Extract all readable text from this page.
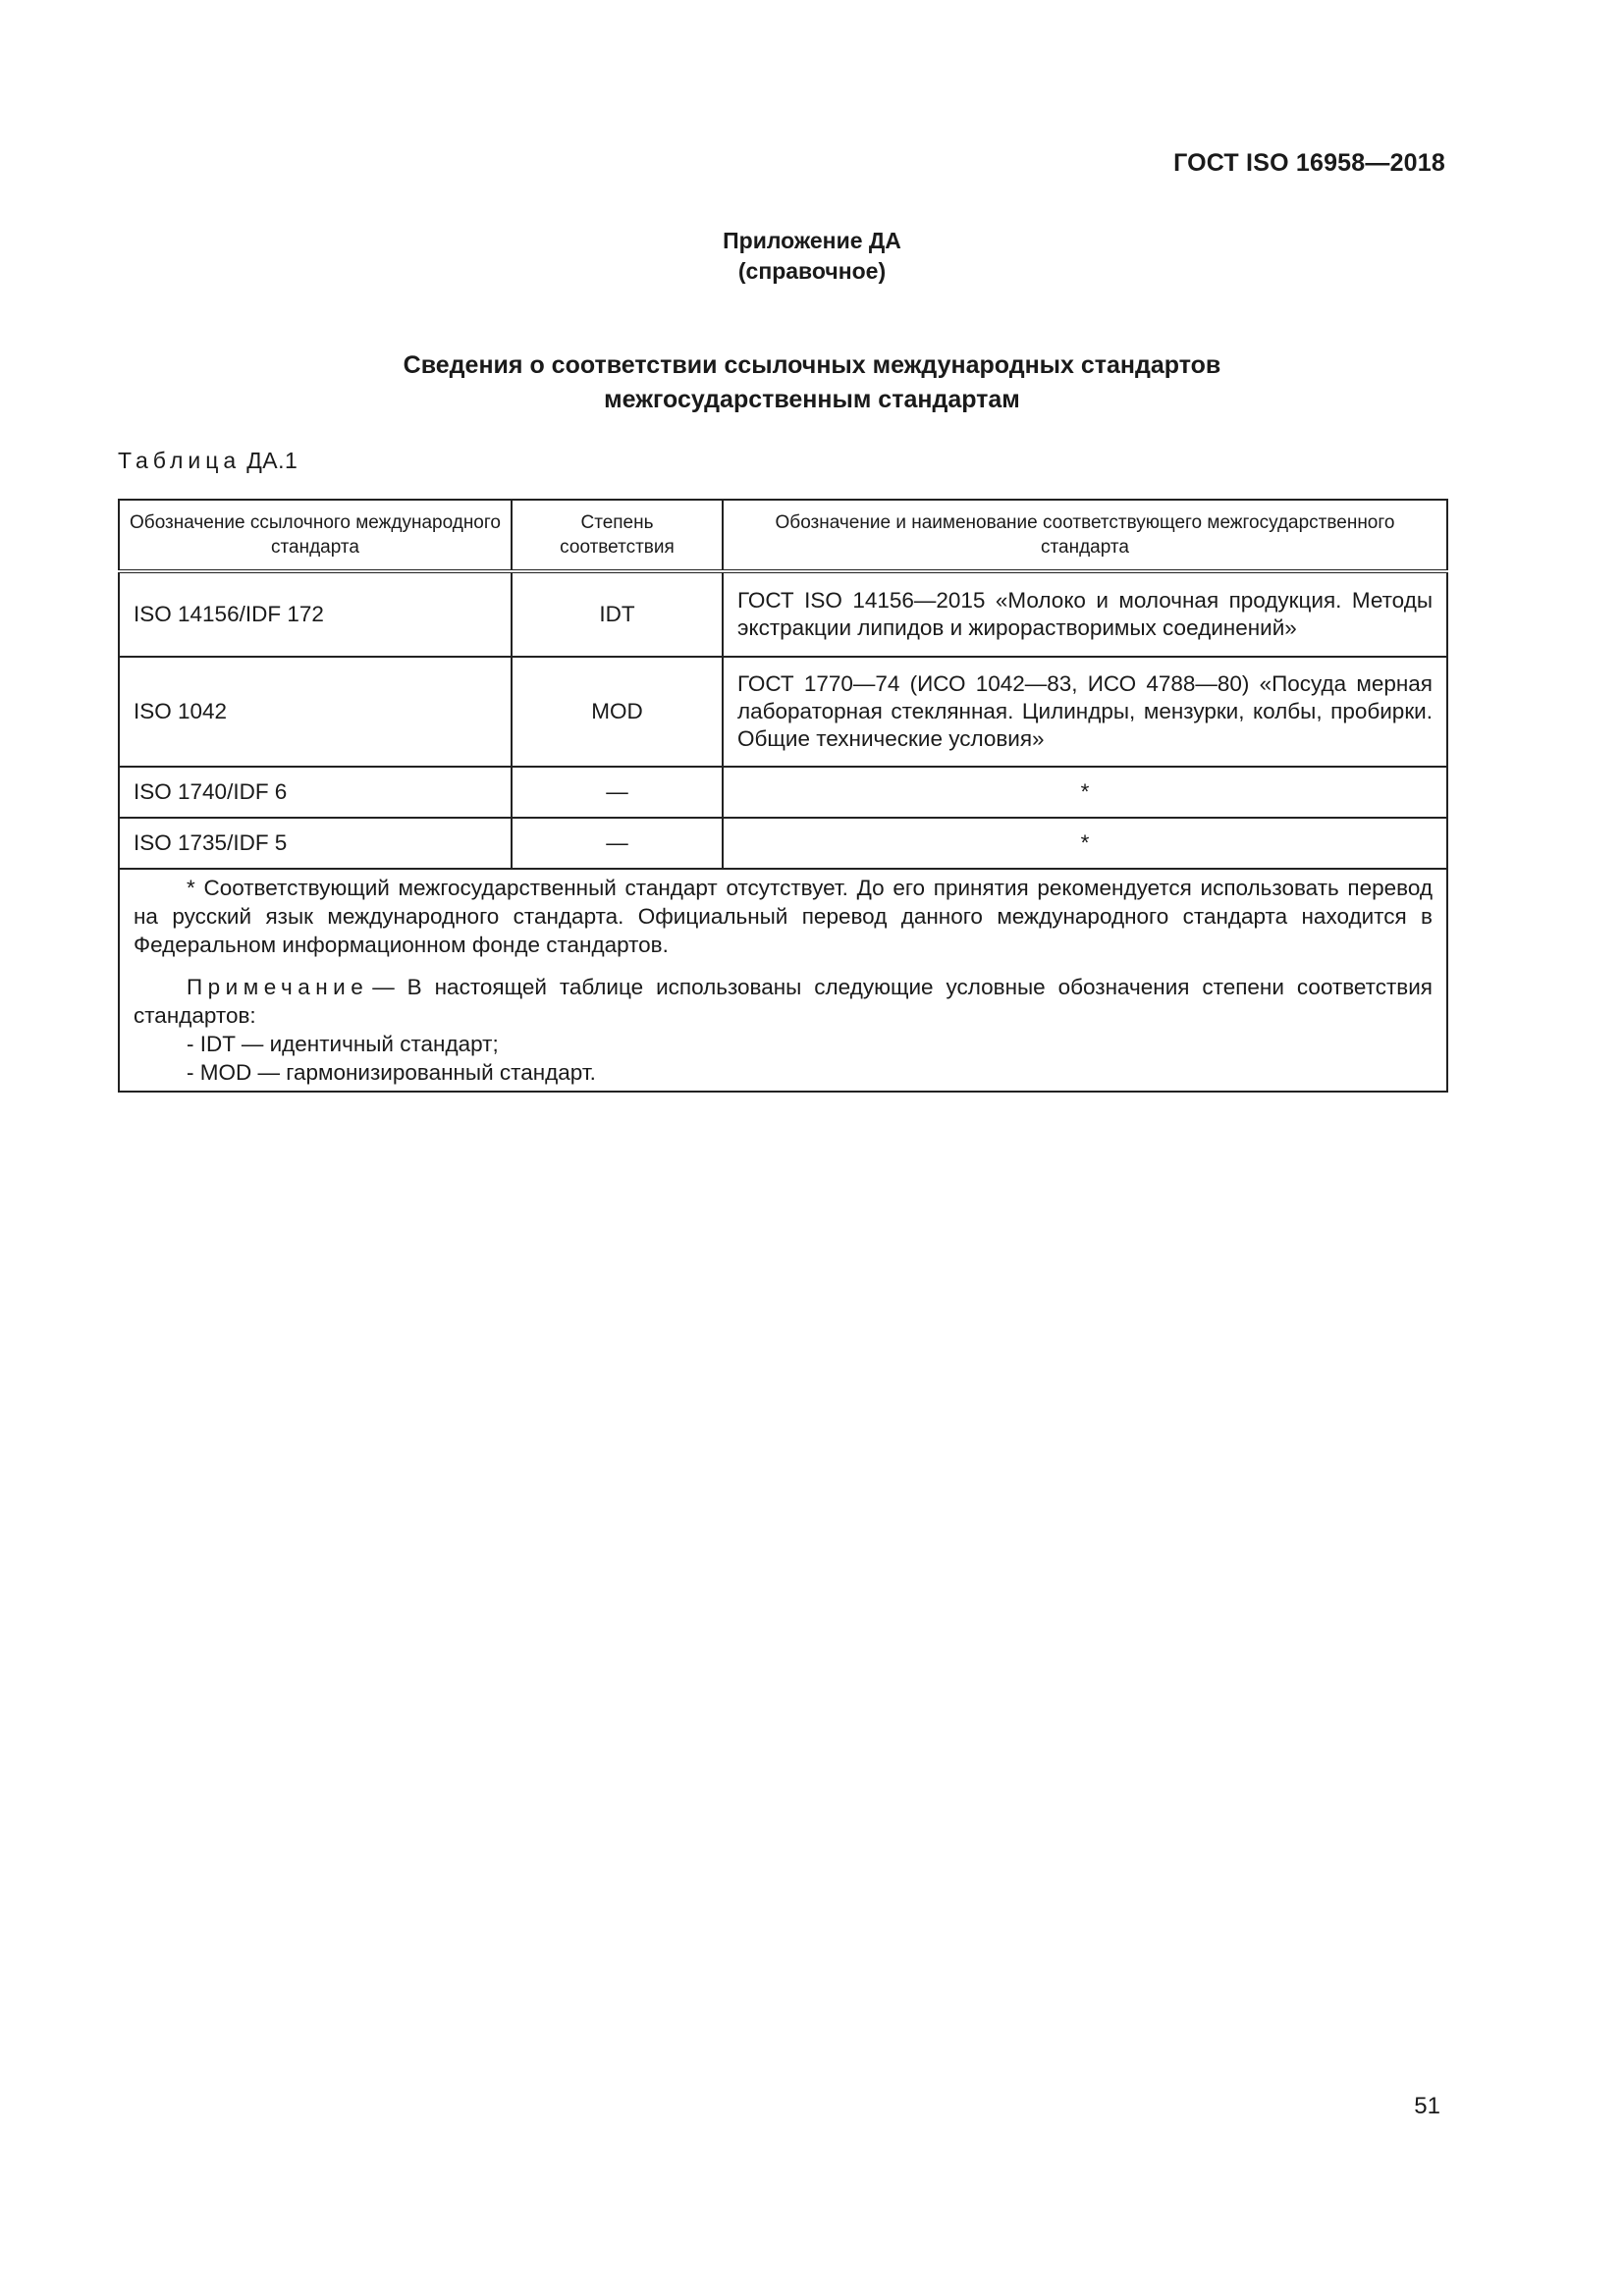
ГОСТ ISO 16958—2018
Приложение ДА
(справочное)
Сведения о соответствии ссылочных международных стандартов
межгосударственным стандартам
Таблица ДА.1
Обозначение ссылочного международного стандарта	Степень соответствия	Обозначение и наименование соответствующего межгосударственного стандарта
ISO 14156/IDF 172	IDT	ГОСТ ISO 14156—2015 «Молоко и молочная продукция. Методы экстракции липидов и жирорастворимых соединений»
ISO 1042	MOD	ГОСТ 1770—74 (ИСО 1042—83, ИСО 4788—80) «Посуда мерная лабораторная стеклянная. Цилиндры, мензурки, колбы, пробирки. Общие технические условия»
ISO 1740/IDF 6	—	*
ISO 1735/IDF 5	—	*

* Соответствующий межгосударственный стандарт отсутствует. До его принятия рекомендуется использовать перевод на русский язык международного стандарта. Официальный перевод данного международного стандарта находится в Федеральном информационном фонде стандартов.

Примечание — В настоящей таблице использованы следующие условные обозначения степени соответствия стандартов:

- IDT — идентичный стандарт;

- MOD — гармонизированный стандарт.		

51
